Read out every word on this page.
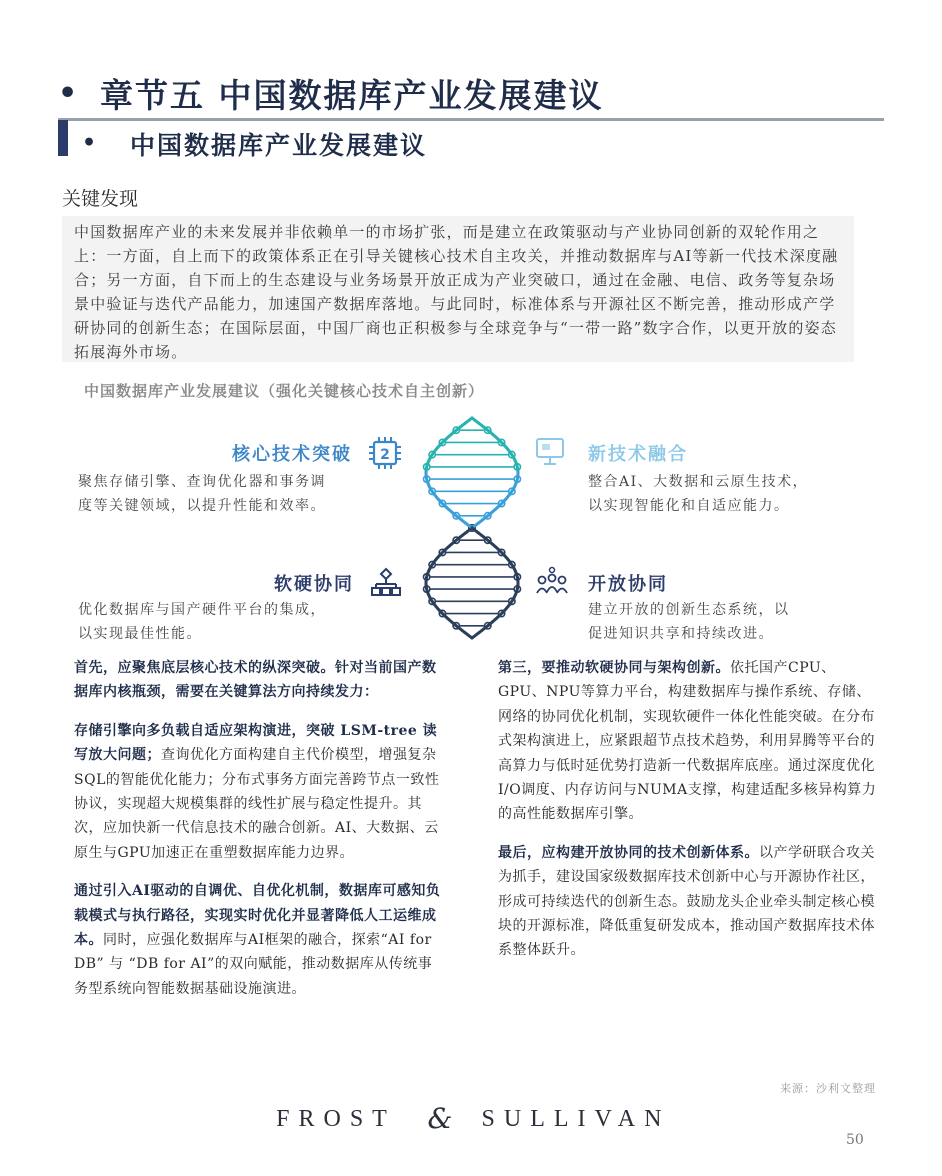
• 章节五 中国数据库产业发展建议
• 中国数据库产业发展建议
关键发现
中国数据库产业的未来发展并非依赖单一的市场扩张，而是建立在政策驱动与产业协同创新的双轮作用之上：一方面，自上而下的政策体系正在引导关键核心技术自主攻关，并推动数据库与AI等新一代技术深度融合；另一方面，自下而上的生态建设与业务场景开放正成为产业突破口，通过在金融、电信、政务等复杂场景中验证与迭代产品能力，加速国产数据库落地。与此同时，标准体系与开源社区不断完善，推动形成产学研协同的创新生态；在国际层面，中国厂商也正积极参与全球竞争与“一带一路”数字合作，以更开放的姿态拓展海外市场。
中国数据库产业发展建议（强化关键核心技术自主创新）
核心技术突破 2
聚焦存储引擎、查询优化器和事务调
度等关键领域，以提升性能和效率。
新技术融合
整合AI、大数据和云原生技术，
以实现智能化和自适应能力。
软硬协同
优化数据库与国产硬件平台的集成，
以实现最佳性能。
开放协同
建立开放的创新生态系统，以
促进知识共享和持续改进。

首先，应聚焦底层核心技术的纵深突破。针对当前国产数据库内核瓶颈，需要在关键算法方向持续发力：

存储引擎向多负载自适应架构演进，突破 LSM-tree 读写放大问题；查询优化方面构建自主代价模型，增强复杂SQL的智能优化能力；分布式事务方面完善跨节点一致性协议，实现超大规模集群的线性扩展与稳定性提升。其次，应加快新一代信息技术的融合创新。AI、大数据、云原生与GPU加速正在重塑数据库能力边界。

通过引入AI驱动的自调优、自优化机制，数据库可感知负载模式与执行路径，实现实时优化并显著降低人工运维成本。同时，应强化数据库与AI框架的融合，探索“AI for DB” 与 “DB for AI”的双向赋能，推动数据库从传统事务型系统向智能数据基础设施演进。

第三，要推动软硬协同与架构创新。依托国产CPU、GPU、NPU等算力平台，构建数据库与操作系统、存储、网络的协同优化机制，实现软硬件一体化性能突破。在分布式架构演进上，应紧跟超节点技术趋势，利用昇腾等平台的高算力与低时延优势打造新一代数据库底座。通过深度优化I/O调度、内存访问与NUMA支撑，构建适配多核异构算力的高性能数据库引擎。

最后，应构建开放协同的技术创新体系。以产学研联合攻关为抓手，建设国家级数据库技术创新中心与开源协作社区，形成可持续迭代的创新生态。鼓励龙头企业牵头制定核心模块的开源标准，降低重复研发成本，推动国产数据库技术体系整体跃升。

来源：沙利文整理
FROST & SULLIVAN
50
